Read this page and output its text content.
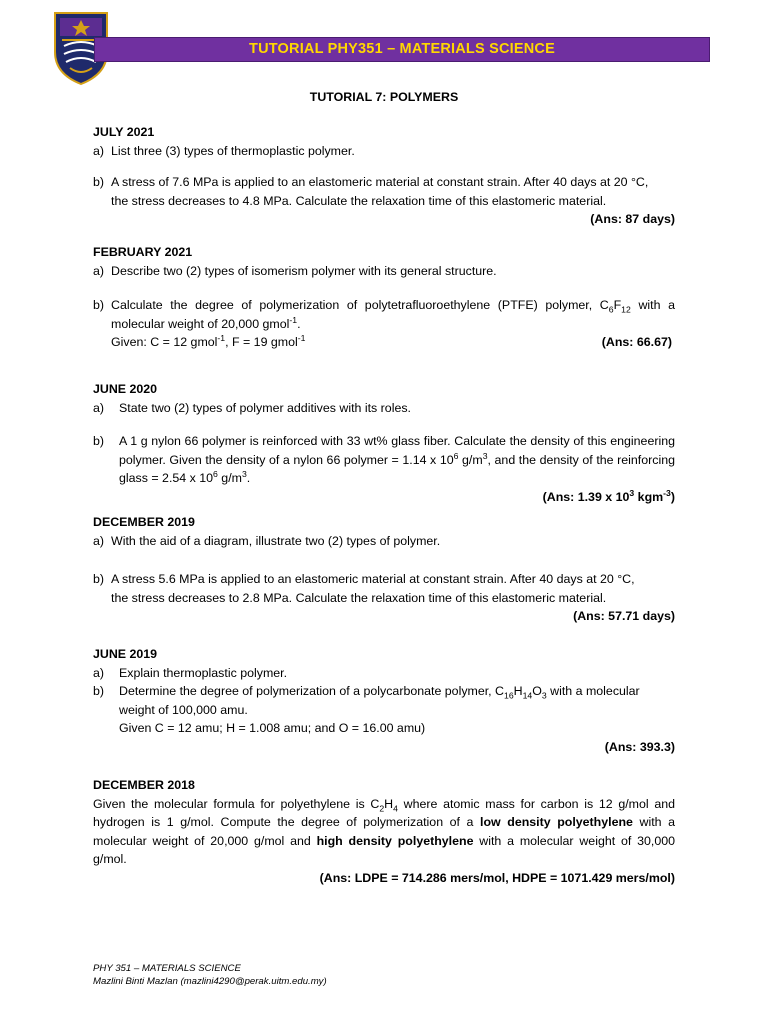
TUTORIAL PHY351 – MATERIALS SCIENCE
TUTORIAL 7: POLYMERS
JULY 2021
a) List three (3) types of thermoplastic polymer.
b) A stress of 7.6 MPa is applied to an elastomeric material at constant strain. After 40 days at 20 °C,
the stress decreases to 4.8 MPa. Calculate the relaxation time of this elastomeric material.
(Ans: 87 days)
FEBRUARY 2021
a) Describe two (2) types of isomerism polymer with its general structure.
b) Calculate the degree of polymerization of polytetrafluoroethylene (PTFE) polymer, $C_6F_{12}$ with a molecular weight of 20,000 gmol$^{-1}$.
Given: C = 12 gmol$^{-1}$, F = 19 gmol$^{-1}$	(Ans: 66.67)
JUNE 2020
a)	State two (2) types of polymer additives with its roles.
b)	A 1 g nylon 66 polymer is reinforced with 33 wt% glass fiber. Calculate the density of this engineering polymer. Given the density of a nylon 66 polymer = 1.14 x $10^6$ $g/m^3$, and the density of the reinforcing glass = 2.54 x $10^6$ $g/m^3$.
(Ans: 1.39 x $10^3$ kgm$^{-3}$)
DECEMBER 2019
a) With the aid of a diagram, illustrate two (2) types of polymer.
b) A stress 5.6 MPa is applied to an elastomeric material at constant strain. After 40 days at 20 °C,
the stress decreases to 2.8 MPa. Calculate the relaxation time of this elastomeric material.
(Ans: 57.71 days)
JUNE 2019
a)	Explain thermoplastic polymer.
b)	Determine the degree of polymerization of a polycarbonate polymer, $C_{16}H_{14}O_3$ with a molecular weight of 100,000 amu.
Given C = 12 amu; H = 1.008 amu; and O = 16.00 amu)
(Ans: 393.3)
DECEMBER 2018
Given the molecular formula for polyethylene is $C_2H_4$ where atomic mass for carbon is 12 g/mol and hydrogen is 1 g/mol. Compute the degree of polymerization of a low density polyethylene with a molecular weight of 20,000 g/mol and high density polyethylene with a molecular weight of 30,000 g/mol.
(Ans: LDPE = 714.286 mers/mol, HDPE = 1071.429 mers/mol)
PHY 351 – MATERIALS SCIENCE
Mazlini Binti Mazlan (mazlini4290@perak.uitm.edu.my)
